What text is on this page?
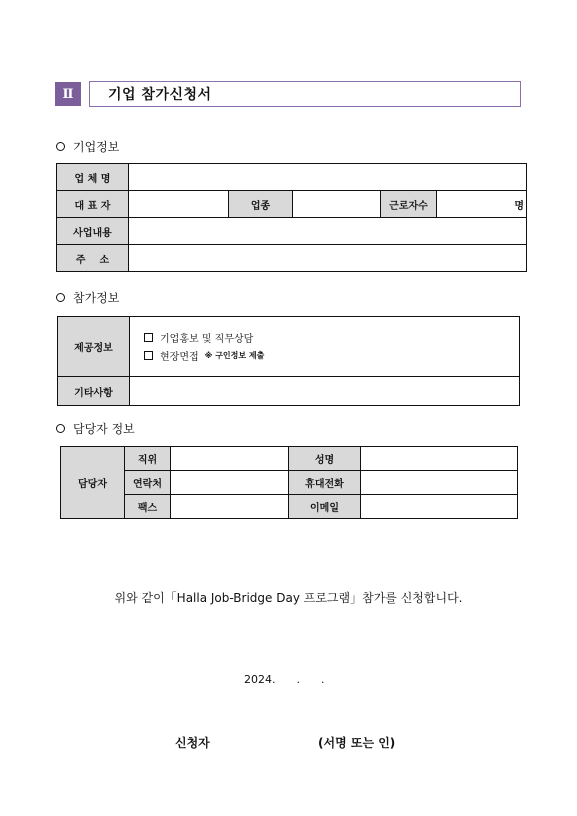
Ⅱ	기업 참가신청서
기업정보
업 체 명					
대 표 자		업종		근로자수	명
사업내용					
주    소					
참가정보
제공정보	기업홍보 및 직무상담
현장면접 ※ 구인정보 제출

기타사항	
담당자 정보
담당자	직위		성명	
	연락처		휴대전화	
	팩스		이메일	
위와 같이「Halla Job-Bridge Day 프로그램」참가를 신청합니다.
2024.      .      .
신청자	(서명 또는 인)
